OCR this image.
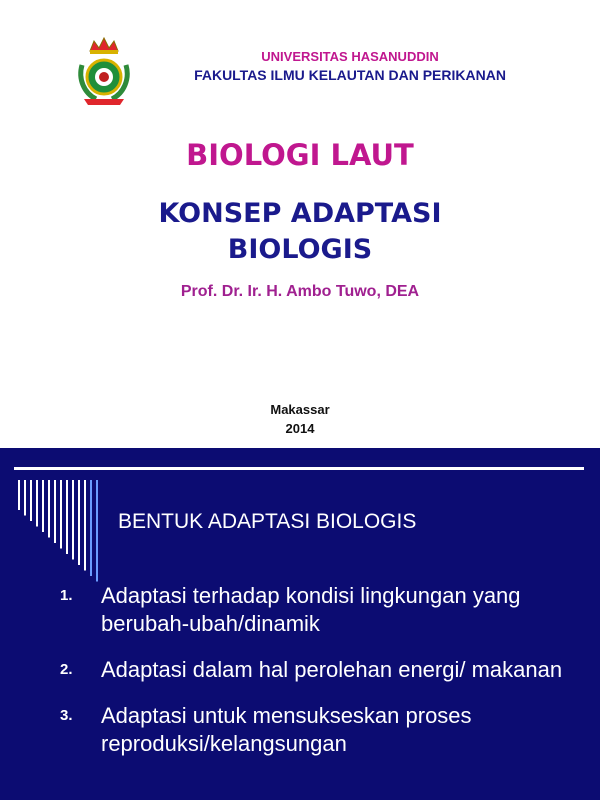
UNIVERSITAS HASANUDDIN
FAKULTAS ILMU KELAUTAN DAN PERIKANAN
BIOLOGI LAUT
KONSEP ADAPTASI
BIOLOGIS
Prof. Dr. Ir. H. Ambo Tuwo, DEA
Makassar
2014
BENTUK ADAPTASI BIOLOGIS
1. Adaptasi terhadap kondisi lingkungan yang berubah-ubah/dinamik
2. Adaptasi dalam hal perolehan energi/ makanan
3. Adaptasi untuk mensukseskan proses reproduksi/kelangsungan
